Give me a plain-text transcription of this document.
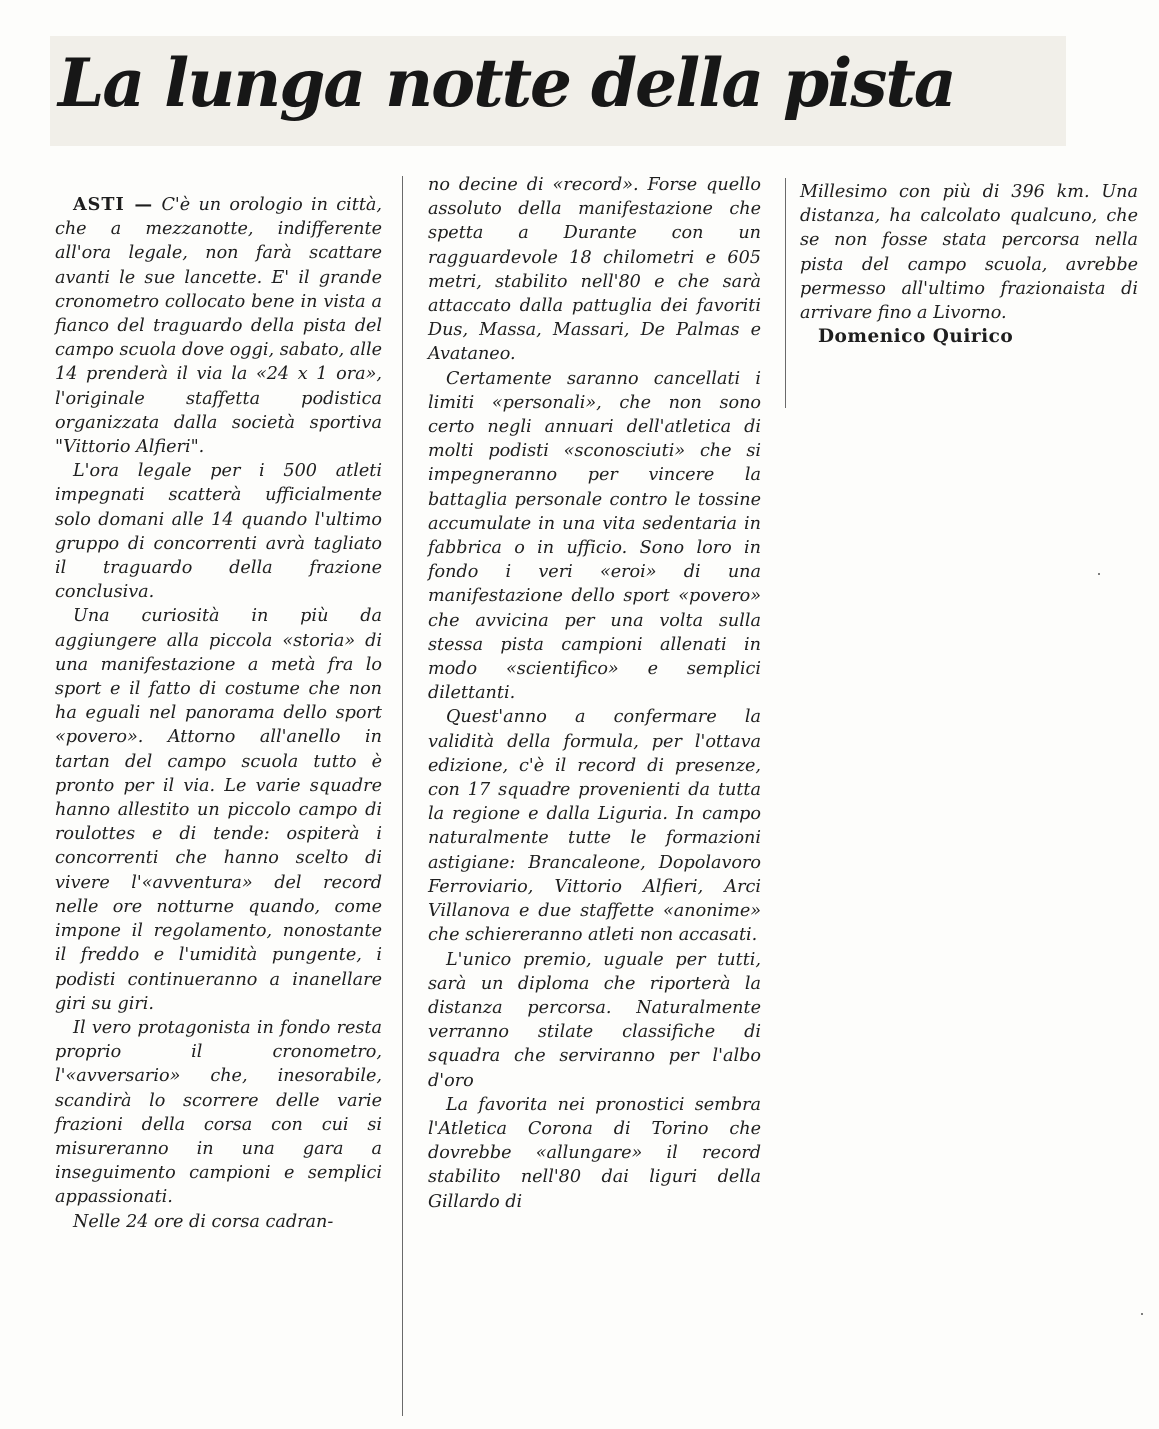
La lunga notte della pista

ASTI — C'è un orologio in città, che a mezzanotte, indifferente all'ora legale, non farà scattare avanti le sue lancette. E' il grande cronometro collocato bene in vista a fianco del traguardo della pista del campo scuola dove oggi, sabato, alle 14 prenderà il via la «24 x 1 ora», l'originale staffetta podistica organizzata dalla società sportiva "Vittorio Alfieri".

L'ora legale per i 500 atleti impegnati scatterà ufficialmente solo domani alle 14 quando l'ultimo gruppo di concorrenti avrà tagliato il traguardo della frazione conclusiva.

Una curiosità in più da aggiungere alla piccola «storia» di una manifestazione a metà fra lo sport e il fatto di costume che non ha eguali nel panorama dello sport «povero». Attorno all'anello in tartan del campo scuola tutto è pronto per il via. Le varie squadre hanno allestito un piccolo campo di roulottes e di tende: ospiterà i concorrenti che hanno scelto di vivere l'«avventura» del record nelle ore notturne quando, come impone il regolamento, nonostante il freddo e l'umidità pungente, i podisti continueranno a inanellare giri su giri.

Il vero protagonista in fondo resta proprio il cronometro, l'«avversario» che, inesorabile, scandirà lo scorrere delle varie frazioni della corsa con cui si misureranno in una gara a inseguimento campioni e semplici appassionati.

Nelle 24 ore di corsa cadran-

no decine di «record». Forse quello assoluto della manifestazione che spetta a Durante con un ragguardevole 18 chilometri e 605 metri, stabilito nell'80 e che sarà attaccato dalla pattuglia dei favoriti Dus, Massa, Massari, De Palmas e Avataneo.

Certamente saranno cancellati i limiti «personali», che non sono certo negli annuari dell'atletica di molti podisti «sconosciuti» che si impegneranno per vincere la battaglia personale contro le tossine accumulate in una vita sedentaria in fabbrica o in ufficio. Sono loro in fondo i veri «eroi» di una manifestazione dello sport «povero» che avvicina per una volta sulla stessa pista campioni allenati in modo «scientifico» e semplici dilettanti.

Quest'anno a confermare la validità della formula, per l'ottava edizione, c'è il record di presenze, con 17 squadre provenienti da tutta la regione e dalla Liguria. In campo naturalmente tutte le formazioni astigiane: Brancaleone, Dopolavoro Ferroviario, Vittorio Alfieri, Arci Villanova e due staffette «anonime» che schiereranno atleti non accasati.

L'unico premio, uguale per tutti, sarà un diploma che riporterà la distanza percorsa. Naturalmente verranno stilate classifiche di squadra che serviranno per l'albo d'oro

La favorita nei pronostici sembra l'Atletica Corona di Torino che dovrebbe «allungare» il record stabilito nell'80 dai liguri della Gillardo di

Millesimo con più di 396 km. Una distanza, ha calcolato qualcuno, che se non fosse stata percorsa nella pista del campo scuola, avrebbe permesso all'ultimo frazionaista di arrivare fino a Livorno.

Domenico Quirico
